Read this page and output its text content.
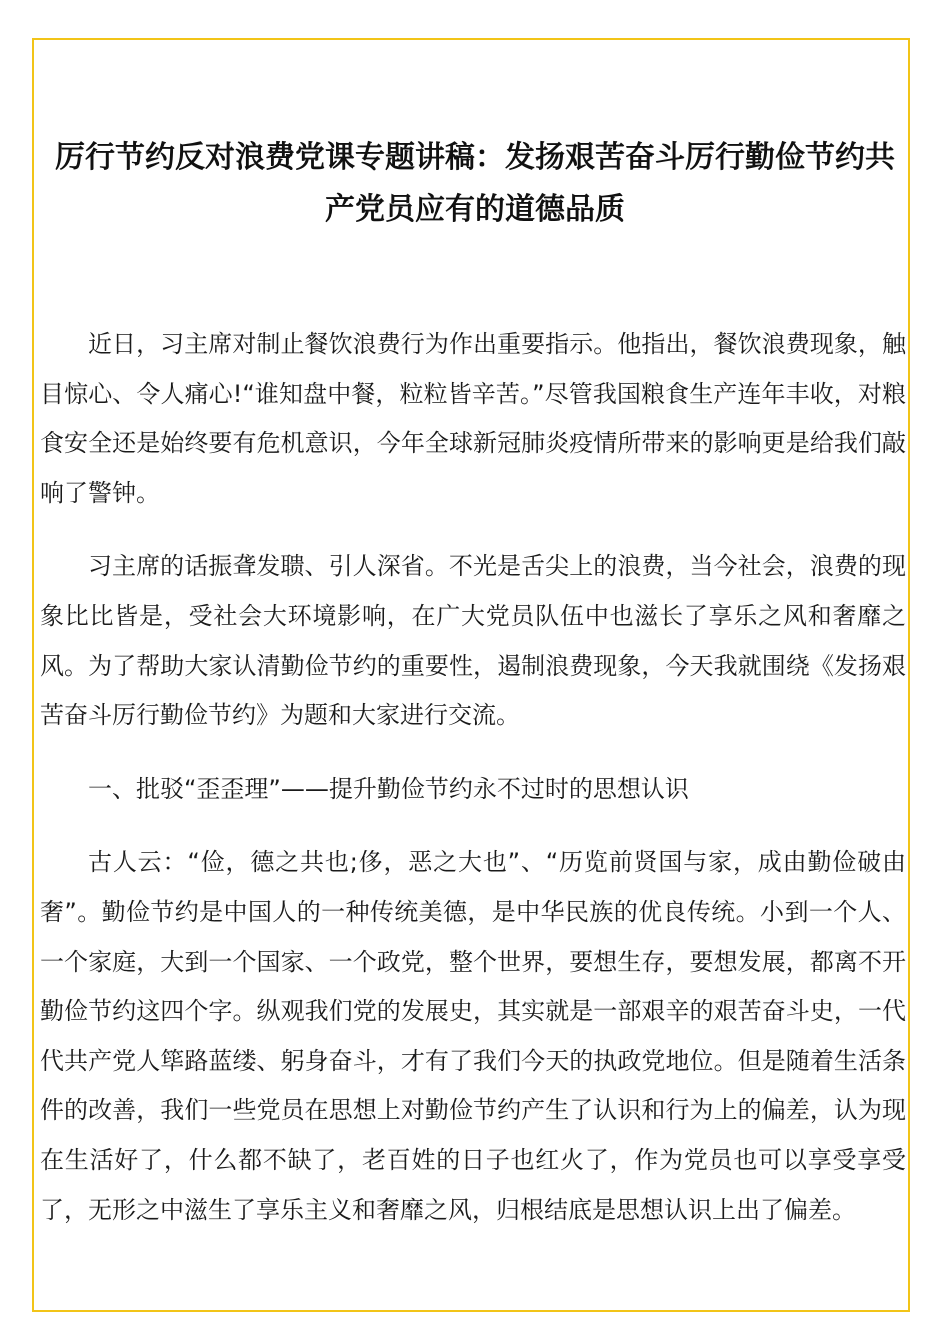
厉行节约反对浪费党课专题讲稿：发扬艰苦奋斗厉行勤俭节约共产党员应有的道德品质

近日，习主席对制止餐饮浪费行为作出重要指示。他指出，餐饮浪费现象，触目惊心、令人痛心!“谁知盘中餐，粒粒皆辛苦。”尽管我国粮食生产连年丰收，对粮食安全还是始终要有危机意识，今年全球新冠肺炎疫情所带来的影响更是给我们敲响了警钟。

习主席的话振聋发聩、引人深省。不光是舌尖上的浪费，当今社会，浪费的现象比比皆是，受社会大环境影响，在广大党员队伍中也滋长了享乐之风和奢靡之风。为了帮助大家认清勤俭节约的重要性，遏制浪费现象，今天我就围绕《发扬艰苦奋斗厉行勤俭节约》为题和大家进行交流。

一、批驳“歪歪理”——提升勤俭节约永不过时的思想认识

古人云：“俭，德之共也;侈，恶之大也”、“历览前贤国与家，成由勤俭破由奢”。勤俭节约是中国人的一种传统美德，是中华民族的优良传统。小到一个人、一个家庭，大到一个国家、一个政党，整个世界，要想生存，要想发展，都离不开勤俭节约这四个字。纵观我们党的发展史，其实就是一部艰辛的艰苦奋斗史，一代代共产党人筚路蓝缕、躬身奋斗，才有了我们今天的执政党地位。但是随着生活条件的改善，我们一些党员在思想上对勤俭节约产生了认识和行为上的偏差，认为现在生活好了，什么都不缺了，老百姓的日子也红火了，作为党员也可以享受享受了，无形之中滋生了享乐主义和奢靡之风，归根结底是思想认识上出了偏差。
